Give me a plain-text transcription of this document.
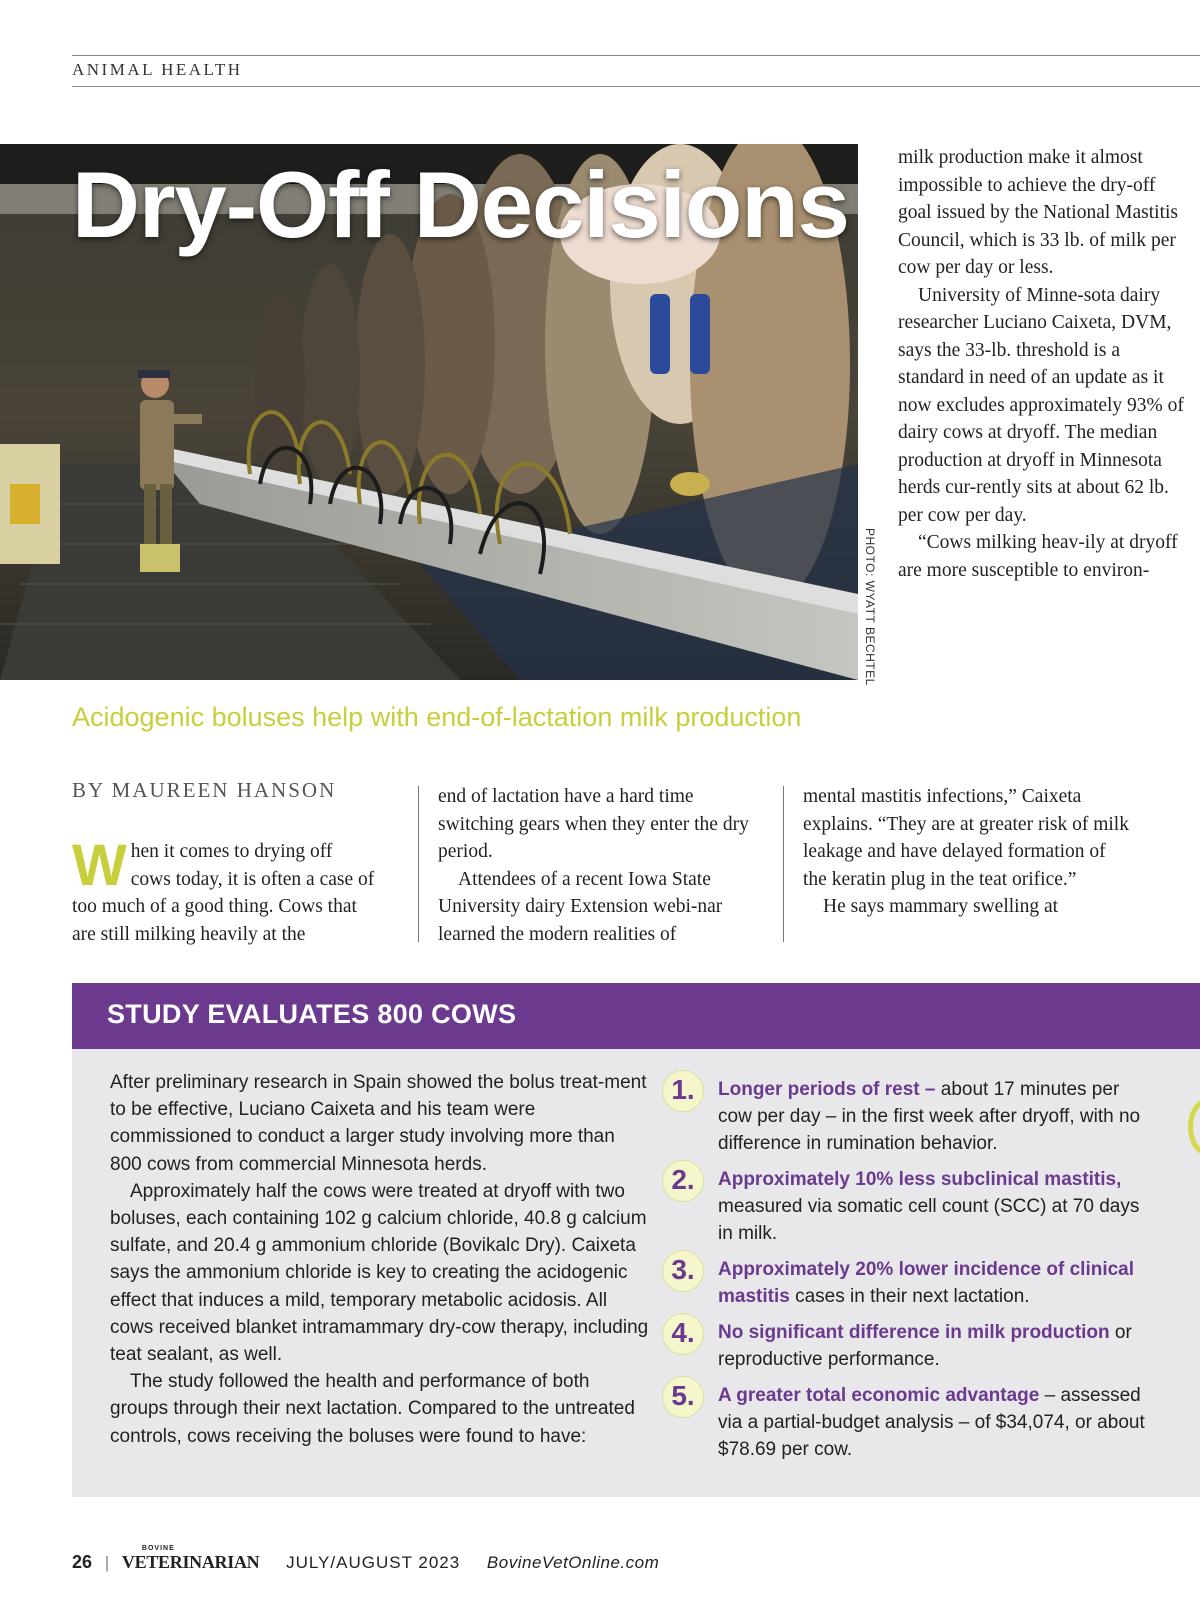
ANIMAL HEALTH
Dry-Off Decisions
PHOTO: WYATT BECHTEL

milk production make it almost impossible to achieve the dry-off goal issued by the National Mastitis Council, which is 33 lb. of milk per cow per day or less.

University of Minne-sota dairy researcher Luciano Caixeta, DVM, says the 33-lb. threshold is a standard in need of an update as it now excludes approximately 93% of dairy cows at dryoff. The median production at dryoff in Minnesota herds cur-rently sits at about 62 lb. per cow per day.

“Cows milking heav-ily at dryoff are more susceptible to environ-

Acidogenic boluses help with end-of-lactation milk production
BY MAUREEN HANSON

When it comes to drying off cows today, it is often a case of too much of a good thing. Cows that are still milking heavily at the

end of lactation have a hard time switching gears when they enter the dry period.

Attendees of a recent Iowa State University dairy Extension webi-nar learned the modern realities of

mental mastitis infections,” Caixeta explains. “They are at greater risk of milk leakage and have delayed formation of the keratin plug in the teat orifice.”

He says mammary swelling at

STUDY EVALUATES 800 COWS

After preliminary research in Spain showed the bolus treat-ment to be effective, Luciano Caixeta and his team were commissioned to conduct a larger study involving more than 800 cows from commercial Minnesota herds.

Approximately half the cows were treated at dryoff with two boluses, each containing 102 g calcium chloride, 40.8 g calcium sulfate, and 20.4 g ammonium chloride (Bovikalc Dry). Caixeta says the ammonium chloride is key to creating the acidogenic effect that induces a mild, temporary metabolic acidosis. All cows received blanket intramammary dry-cow therapy, including teat sealant, as well.

The study followed the health and performance of both groups through their next lactation. Compared to the untreated controls, cows receiving the boluses were found to have:

1.	Longer periods of rest – about 17 minutes per cow per day – in the first week after dryoff, with no difference in rumination behavior.
2.	Approximately 10% less subclinical mastitis, measured via somatic cell count (SCC) at 70 days in milk.
3.	Approximately 20% lower incidence of clinical mastitis cases in their next lactation.
4.	No significant difference in milk production or reproductive performance.
5.	A greater total economic advantage – assessed via a partial-budget analysis – of $34,074, or about $78.69 per cow.
26 |
BOVINE
VETERINARIAN JULY/AUGUST 2023 BovineVetOnline.com
